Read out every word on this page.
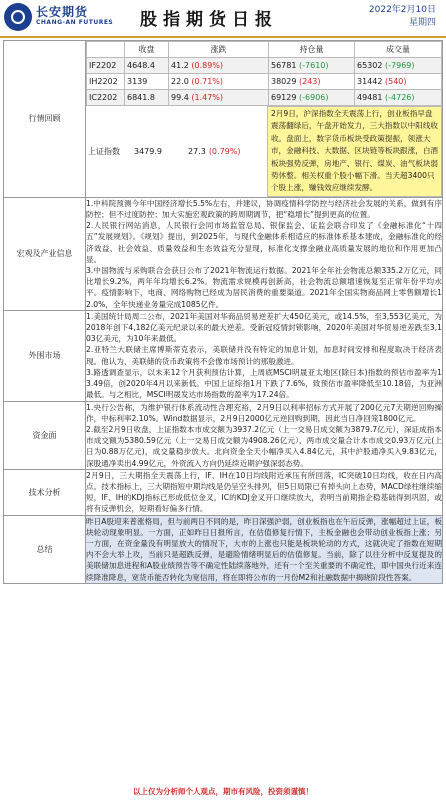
长安期货
CHANG-AN FUTURES 股指期货日报	2022年2月10日
星期四
行情回顾	
	收盘	涨跌	持仓量	成交量
IF2202	4648.4	41.2 (0.89%)	56781 (-7610)	65302 (-7969)
IH2202	3139	22.0 (0.71%)	38029 (243)	31442 (540)
IC2202	6841.8	99.4 (1.47%)	69129 (-6906)	49481 (-4726)
上证指数	3479.9	27.3 (0.79%)
2月9日，沪深指数全天震荡上行，创业板指早盘震荡翻绿后，午盘开始发力，三大指数以中阳线收收。盘面上，数字货币板块受政策提振，领涨大市，金融科技、大数据、区块链等板块跟涨，白酒板块强势反弹，房地产、银行、煤炭、油气板块弱势休整。相关权重个股小幅下滑。当天超3400只个股上涨，赚钱效应继续发酵。

宏观及产业信息	1.中科院预测今年中国经济增长5.5%左右，并建议，协调疫情科学防控与经济社会发展的关系，做到有序防控；但不过度防控；加大实施宏观政策的跨周期调节，把“稳增长”提到更高的位置。
2.人民银行网站消息，人民银行会同市场监管总局、银保监会、证监会联合印发了《金融标准化“十四五”发展规划》。《规划》提出，到2025年，与现代金融体系相适应的标准体系基本建成，金融标准化的经济效益、社会效益、质量效益和生态效益充分显现，标准化支撑金融业高质量发展的地位和作用更加凸显。
3.中国物流与采购联合会获日公布了2021年物流运行数据。2021年全年社会物流总额335.2万亿元，同比增长9.2%，两年年均增长6.2%。物流需求规模再创新高，社会物流总额增速恢复至正常年份平均水平。疫情影响下，电商、网络购物已经成为居民消费的重要渠道。2021年全国实物商品网上零售额增长12.0%，全年快递业务量完成1085亿件。
外围市场	1.美国统计局周二公布，2021年美国对华商品贸易逆差扩大450亿美元，或14.5%，至3,553亿美元，为2018年创下4,182亿美元纪录以来的最大逆差。受新冠疫情封锁影响，2020年美国对华贸易逆差跌至3,103亿美元，为10年来最低。
2.亚特兰大联储主席博斯蒂克表示，美联储并没有特定的加息计划，加息时间安排和程度取决于经济表现。他认为，美联储的货币政策将不会像市场预计的那般激进。
3.路透调查显示，以未来12个月获利预估计算，上周底MSCI明晟亚太地区(除日本)指数的预估市盈率为13.49倍，创2020年4月以来新低。中国上证综指1月下跌了7.6%，致预估市盈率降低至10.18倍，为亚洲最低。与之相比，MSCI明晟发达市场指数的盈率为17.24倍。
资金面	1.央行公告称，为维护银行体系流动性合理充裕，2月9日以利率招标方式开展了200亿元7天期逆回购操作，中标利率2.10%。Wind数据显示，2月9日2000亿元逆回购到期，因此当日净回笼1800亿元。
2.截至2月9日收盘，上证指数本市成交额为3937.2亿元（上一交易日成交额为3879.7亿元），深证成指本市成交额为5380.59亿元（上一交易日成交额为4908.26亿元），两市成交量合计本市成交0.93万亿元(上日为0.88万亿元)，成交量稳步放大。北向资金全天小幅净买入4.84亿元，其中沪股通净买入9.83亿元，深股通净卖出4.99亿元，外资流入方向仍延续近期沪强深弱态势。
技术分析	2月9日，三大期指全天震荡上行，IF、IH在10日均线附近承压有所回落，IC突破10日均线，收在日内高点。技术指标上，三大期指短中期均线是仍呈空头排列，但5日局限已有掉头向上态势，MACD绿柱继续缩短，IF、IH的KDJ指标已形成低位金叉，IC的KDJ金叉开口继续放大，表明当前期指企稳基础得到巩固，或将有反弹机会，短期看好偏多行情。
总结	昨日A股迎来普涨格局，但与前两日不同的是，昨日深强沪弱，创业板指也在午后反弹，涨幅超过上证，板块轮动现象明显。一方面，正如昨日日报所言，在估值修复行情下，主板金融也会带动创业板指上涨；另一方面，在资金量没有明显放大的情况下，大市的上涨也只能是板块轮动的方式，这就决定了指数在短期内不会大举上攻，当前只是超跌反弹，是避险情绪明显后的估值修复。当前，除了以往分析中反复提及的美联储加息进程和A股业绩预告等不确定性陆续落地外，还有一个至关重要的不确定性，即中国央行近来连续降准降息，宽货币能否转化为宽信用，将在即将公布的一月份M2和社融数据中揭晓阶段性答案。
以上仅为分析师个人观点，期市有风险，投资须谨慎！
